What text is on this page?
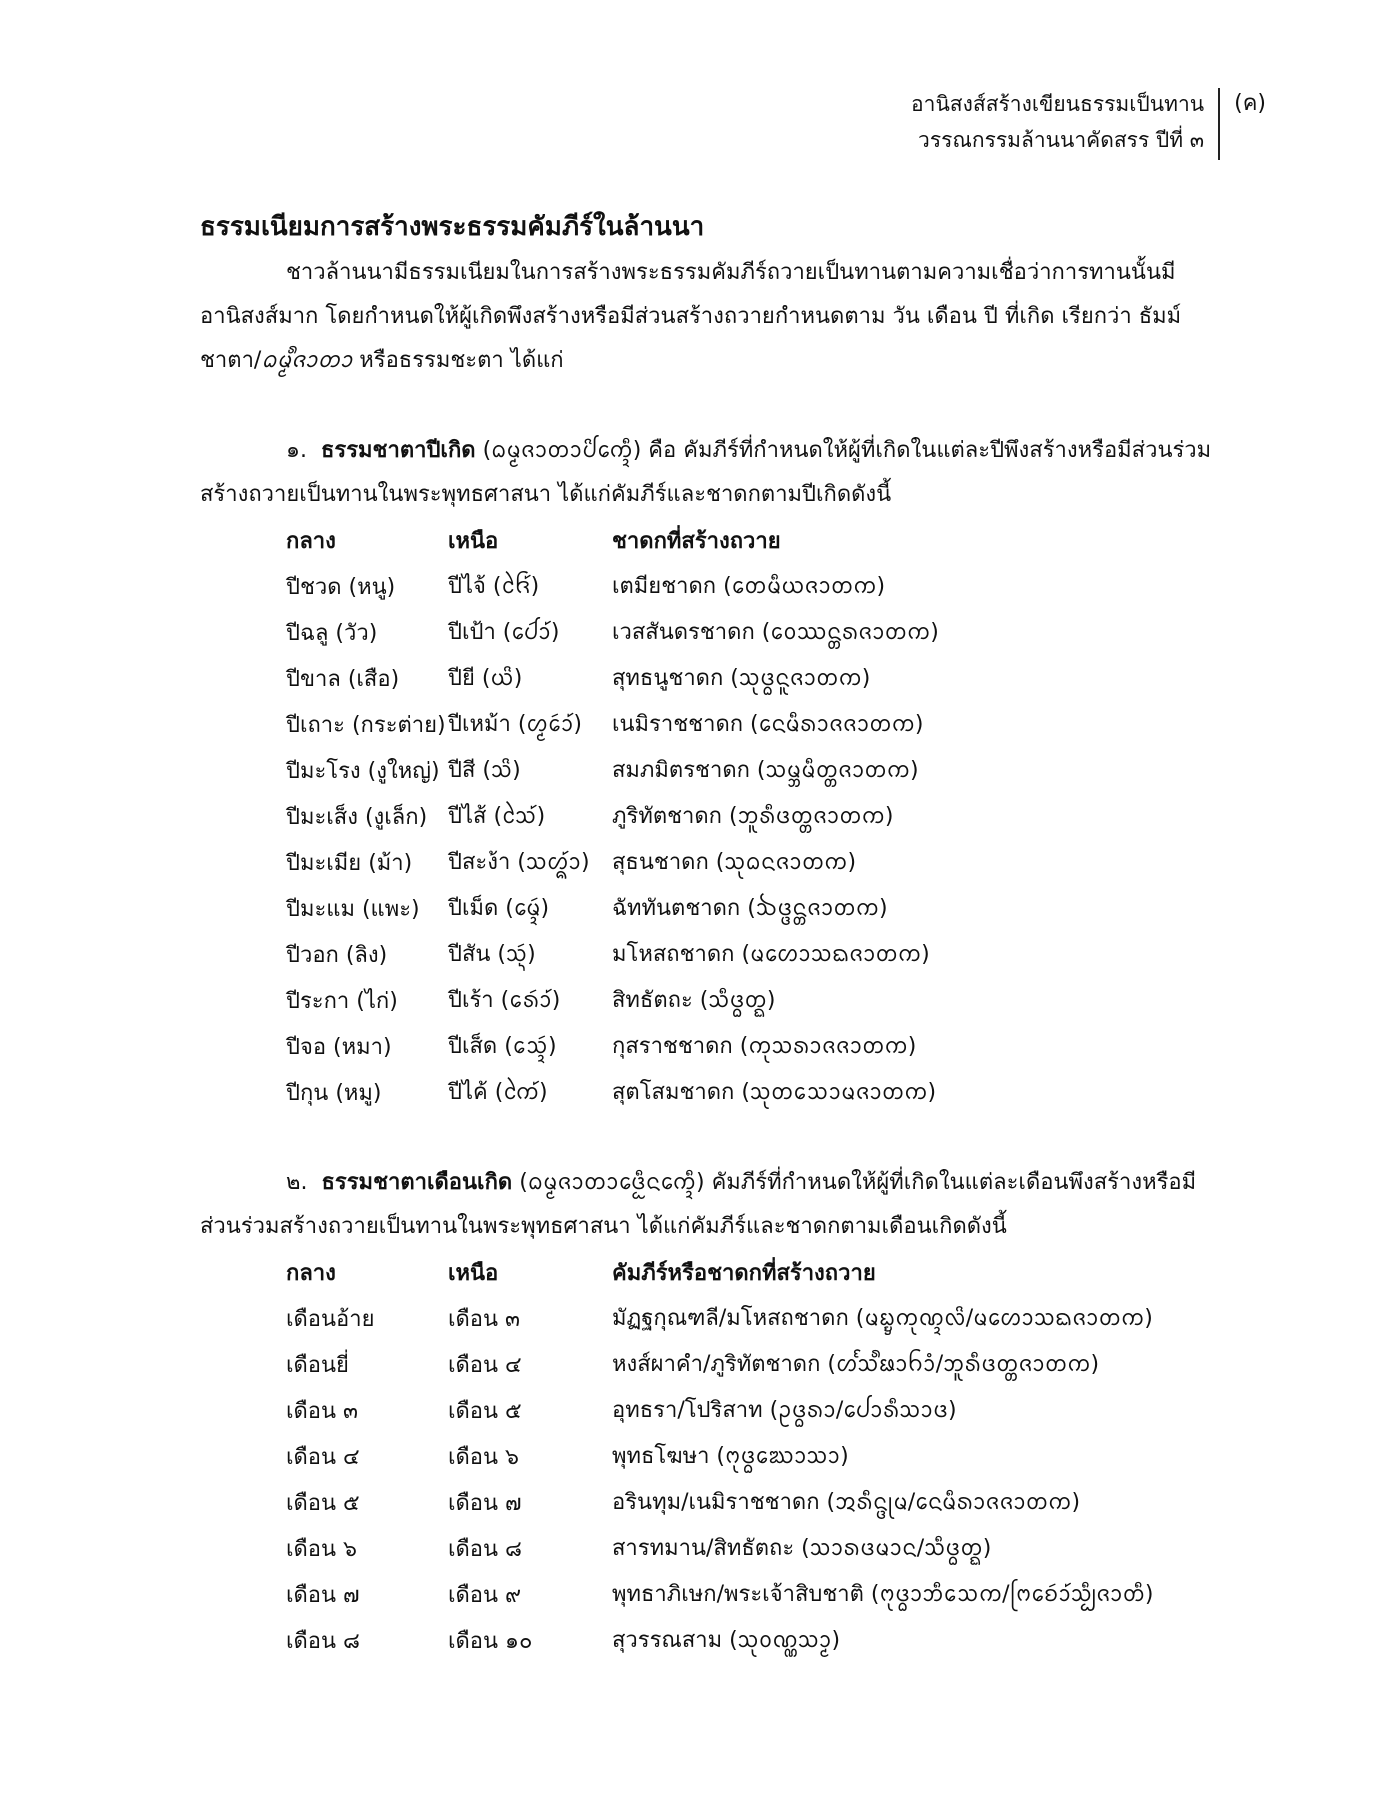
อานิสงส์สร้างเขียนธรรมเป็นทาน
วรรณกรรมล้านนาคัดสรร ปีที่ ๓
(ค)
ธรรมเนียมการสร้างพระธรรมคัมภีร์ในล้านนา

ชาวล้านนามีธรรมเนียมในการสร้างพระธรรมคัมภีร์ถวายเป็นทานตามความเชื่อว่าการทานนั้นมีอานิสงส์มาก โดยกำหนดให้ผู้เกิดพึงสร้างหรือมีส่วนสร้างถวายกำหนดตาม วัน เดือน ปี ที่เกิด เรียกว่า ธัมม์ชาตา/ᨵᨾ᩠ᨾ᩺ᨩᩣᨲᩣ หรือธรรมชะตา ได้แก่

๑. ธรรมชาตาปีเกิด (ᨵᨾ᩠ᨾᨩᩣᨲᩣᨸᩦᨠᩮᩥ᩠ᨯ) คือ คัมภีร์ที่กำหนดให้ผู้ที่เกิดในแต่ละปีพึงสร้างหรือมีส่วนร่วมสร้างถวายเป็นทานในพระพุทธศาสนา ได้แก่คัมภีร์และชาดกตามปีเกิดดังนี้

กลาง	เหนือ	ชาดกที่สร้างถวาย
ปีชวด (หนู)	ปีไจ้ (ᨪᩱ᩶)	เตมียชาดก (ᨲᩮᨾᩥᨿᨩᩣᨲᨠ)
ปีฉลู (วัว)	ปีเป้า (ᨸᩮᩢᩣ᩶)	เวสสันดรชาดก (ᩅᩮᩔᨶ᩠ᨲᩁᨩᩣᨲᨠ)
ปีขาล (เสือ)	ปียี (ᨿᩦ)	สุทธนูชาดก (ᩈᩩᨴ᩠ᨵᨶᩪᨩᩣᨲᨠ)
ปีเถาะ (กระต่าย)	ปีเหม้า (ᩉ᩠ᨾᩮᩢᩣ᩶)	เนมิราชชาดก (ᨶᩮᨾᩥᩁᩣᨩᨩᩣᨲᨠ)
ปีมะโรง (งูใหญ่)	ปีสี (ᩈᩦ)	สมภมิตรชาดก (ᩈᨾ᩠ᨽᨾᩥᨲ᩠ᨲᨩᩣᨲᨠ)
ปีมะเส็ง (งูเล็ก)	ปีไส้ (ᩈᩱ᩶)	ภูริทัตชาดก (ᨽᩪᩁᩥᨴᨲ᩠ᨲᨩᩣᨲᨠ)
ปีมะเมีย (ม้า)	ปีสะง้า (ᩈᩉ᩠ᨦ᩶ᩣ)	สุธนชาดก (ᩈᩩᨵᨶᨩᩣᨲᨠ)
ปีมะแม (แพะ)	ปีเม็ด (ᨾᩮᩢ᩠ᨯ)	ฉัททันตชาดก (ᨨᨴ᩠ᨴᨶ᩠ᨲᨩᩣᨲᨠ)
ปีวอก (ลิง)	ปีสัน (ᩈᩢ᩠ᨶ)	มโหสถชาดก (ᨾᩉᩮᩣᩈᨳᨩᩣᨲᨠ)
ปีระกา (ไก่)	ปีเร้า (ᩁᩮᩢᩣ᩶)	สิทธัตถะ (ᩈᩥᨴ᩠ᨵᨲ᩠ᨳ)
ปีจอ (หมา)	ปีเส็ด (ᩈᩮᩢ᩠ᨯ)	กุสราชชาดก (ᨠᩩᩈᩁᩣᨩᨩᩣᨲᨠ)
ปีกุน (หมู)	ปีไค้ (ᨠᩱ᩶)	สุตโสมชาดก (ᩈᩩᨲᩈᩮᩣᨾᨩᩣᨲᨠ)

๒. ธรรมชาตาเดือนเกิด (ᨵᨾ᩠ᨾᨩᩣᨲᩣᨴᩮᩬᩥᨶᨠᩮᩥ᩠ᨯ) คัมภีร์ที่กำหนดให้ผู้ที่เกิดในแต่ละเดือนพึงสร้างหรือมีส่วนร่วมสร้างถวายเป็นทานในพระพุทธศาสนา ได้แก่คัมภีร์และชาดกตามเดือนเกิดดังนี้

กลาง	เหนือ	คัมภีร์หรือชาดกที่สร้างถวาย
เดือนอ้าย	เดือน ๓	มัฏฐกุณฑลี/มโหสถชาดก (ᨾᨭ᩠ᨮᨠᩩᨱ᩠ᨯᩃᩦ/ᨾᩉᩮᩣᩈᨳᨩᩣᨲᨠ)
เดือนยี่	เดือน ๔	หงส์ผาคำ/ภูริทัตชาดก (ᩉᩘᩈ᩺ᨹᩣᨤᩣᩴ/ᨽᩪᩁᩥᨴᨲ᩠ᨲᨩᩣᨲᨠ)
เดือน ๓	เดือน ๕	อุทธรา/โปริสาท (ᩏᨴ᩠ᨵᩁᩣ/ᨸᩮᩣᩁᩥᩈᩣᨴ)
เดือน ๔	เดือน ๖	พุทธโฆษา (ᨻᩩᨴ᩠ᨵᨥᩮᩣᩈᩣ)
เดือน ๕	เดือน ๗	อรินทุม/เนมิราชชาดก (ᩋᩁᩥᨶ᩠ᨴᩩᨾ/ᨶᩮᨾᩥᩁᩣᨩᨩᩣᨲᨠ)
เดือน ๖	เดือน ๘	สารทมาน/สิทธัตถะ (ᩈᩣᩁᨴᨾᩣᨶ/ᩈᩥᨴ᩠ᨵᨲ᩠ᨳ)
เดือน ๗	เดือน ๙	พุทธาภิเษก/พระเจ้าสิบชาติ (ᨻᩩᨴ᩠ᨵᩣᨽᩥᩈᩮᨠ/ᨻᩕᨧᩮᩢᩣ᩶ᩈᩥ᩠ᨷᨩᩣᨲᩥ)
เดือน ๘	เดือน ๑๐	สุวรรณสาม (ᩈᩩᩅᨱ᩠ᨱᩈᩣ᩠ᨾ)
